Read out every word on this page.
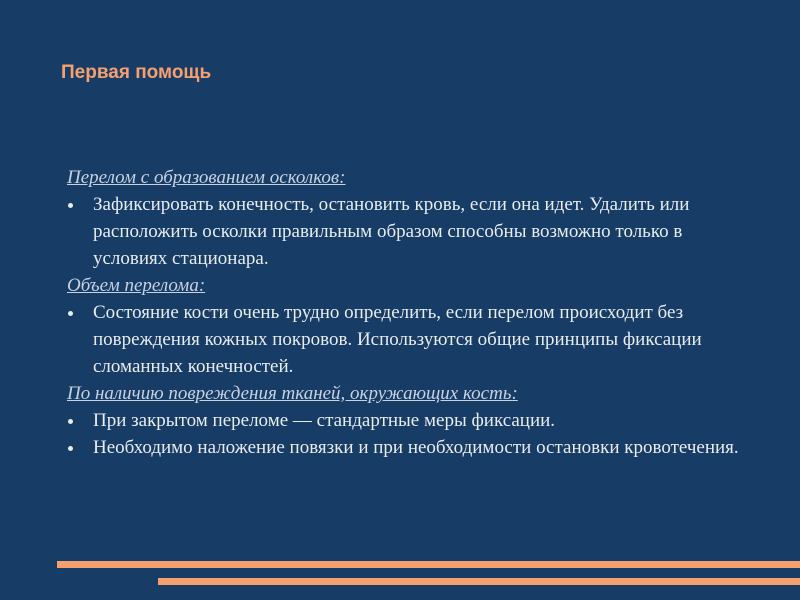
Первая помощь
Перелом с образованием осколков:
Зафиксировать конечность, остановить кровь, если она идет. Удалить или расположить осколки правильным образом способны возможно только в условиях стационара.
Объем перелома:
Состояние кости очень трудно определить, если перелом происходит без повреждения кожных покровов. Используются общие принципы фиксации сломанных конечностей.
По наличию повреждения тканей, окружающих кость:
При закрытом переломе — стандартные меры фиксации.
Необходимо наложение повязки и при необходимости остановки кровотечения.
